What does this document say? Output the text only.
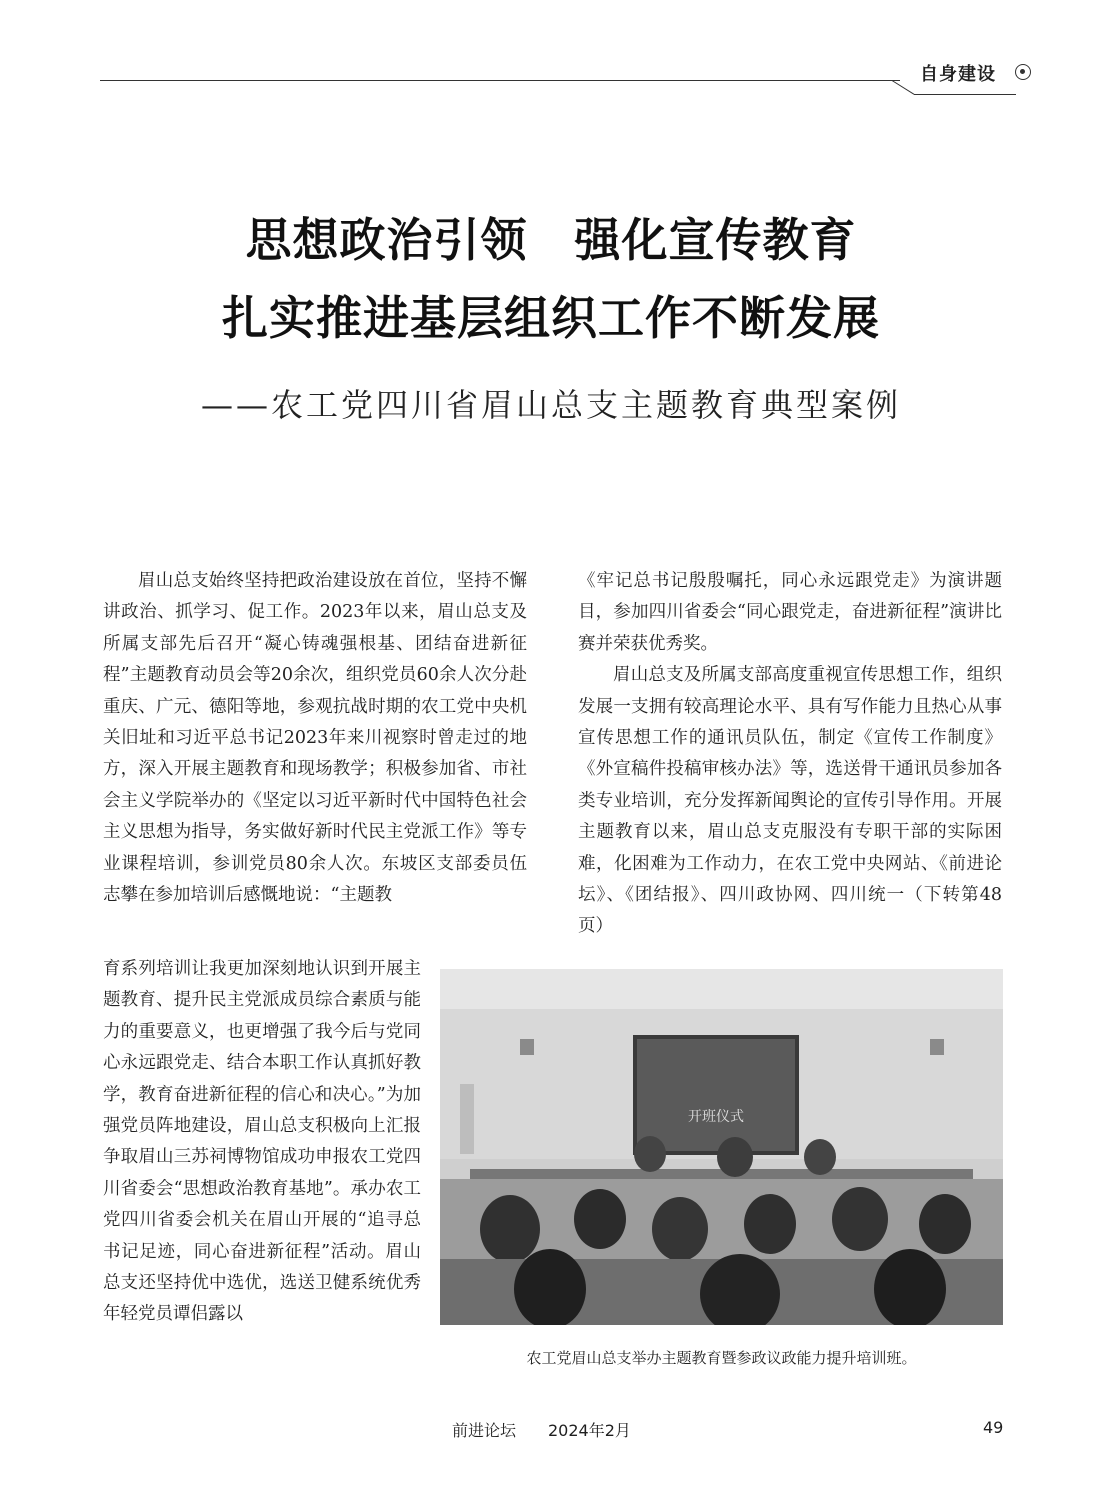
自身建设
思想政治引领　强化宣传教育
扎实推进基层组织工作不断发展
——农工党四川省眉山总支主题教育典型案例

眉山总支始终坚持把政治建设放在首位，坚持不懈讲政治、抓学习、促工作。2023年以来，眉山总支及所属支部先后召开“凝心铸魂强根基、团结奋进新征程”主题教育动员会等20余次，组织党员60余人次分赴重庆、广元、德阳等地，参观抗战时期的农工党中央机关旧址和习近平总书记2023年来川视察时曾走过的地方，深入开展主题教育和现场教学；积极参加省、市社会主义学院举办的《坚定以习近平新时代中国特色社会主义思想为指导，务实做好新时代民主党派工作》等专业课程培训，参训党员80余人次。东坡区支部委员伍志攀在参加培训后感慨地说：“主题教

育系列培训让我更加深刻地认识到开展主题教育、提升民主党派成员综合素质与能力的重要意义，也更增强了我今后与党同心永远跟党走、结合本职工作认真抓好教学，教育奋进新征程的信心和决心。”为加强党员阵地建设，眉山总支积极向上汇报争取眉山三苏祠博物馆成功申报农工党四川省委会“思想政治教育基地”。承办农工党四川省委会机关在眉山开展的“追寻总书记足迹，同心奋进新征程”活动。眉山总支还坚持优中选优，选送卫健系统优秀年轻党员谭侣露以

《牢记总书记殷殷嘱托，同心永远跟党走》为演讲题目，参加四川省委会“同心跟党走，奋进新征程”演讲比赛并荣获优秀奖。
眉山总支及所属支部高度重视宣传思想工作，组织发展一支拥有较高理论水平、具有写作能力且热心从事宣传思想工作的通讯员队伍，制定《宣传工作制度》《外宣稿件投稿审核办法》等，选送骨干通讯员参加各类专业培训，充分发挥新闻舆论的宣传引导作用。开展主题教育以来，眉山总支克服没有专职干部的实际困难，化困难为工作动力，在农工党中央网站、《前进论坛》、《团结报》、四川政协网、四川统一（下转第48页）
开班仪式
农工党眉山总支举办主题教育暨参政议政能力提升培训班。
前进论坛 2024年2月	49
